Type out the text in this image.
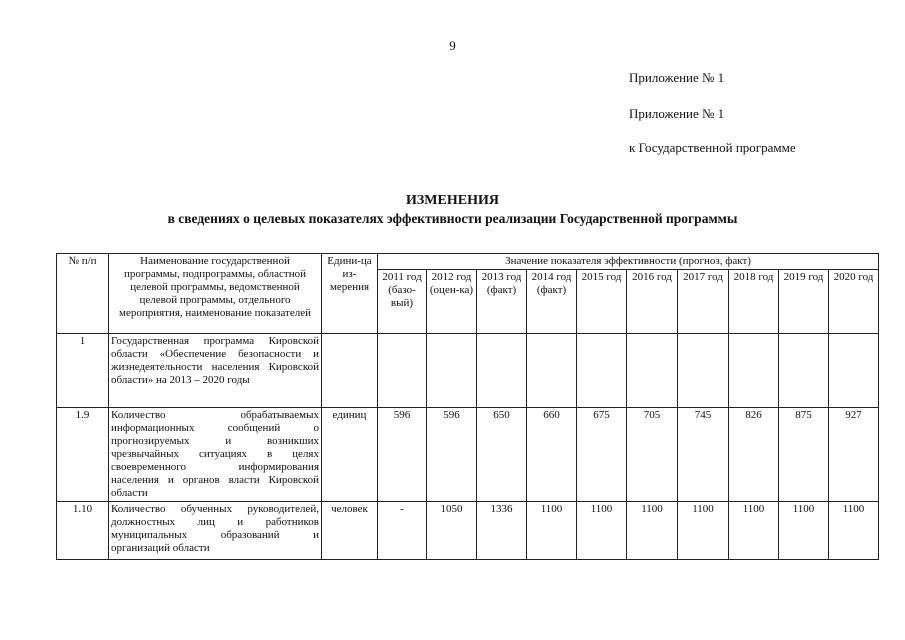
9
Приложение № 1
Приложение № 1
к Государственной программе
ИЗМЕНЕНИЯ
в сведениях о целевых показателях эффективности реализации Государственной программы
№ п/п	Наименование государственной программы, подпрограммы, областной целевой программы, ведомственной целевой программы, отдельного мероприятия, наименование показателей	Едини-ца из-мерения	Значение показателя эффективности (прогноз, факт)									
			2011 год (базо-вый)	2012 год (оцен-ка)	2013 год (факт)	2014 год (факт)	2015 год	2016 год	2017 год	2018 год	2019 год	2020 год
1	Государственная программа Кировской области «Обеспечение безопасности и жизнедеятельности населения Кировской области» на 2013 – 2020 годы											
1.9	Количество обрабатываемых информационных сообщений о прогнозируемых и возникших чрезвычайных ситуациях в целях своевременного информирования населения и органов власти Кировской области	единиц	596	596	650	660	675	705	745	826	875	927
1.10	Количество обученных руководителей, должностных лиц и работников муниципальных образований и организаций области	человек	-	1050	1336	1100	1100	1100	1100	1100	1100	1100
